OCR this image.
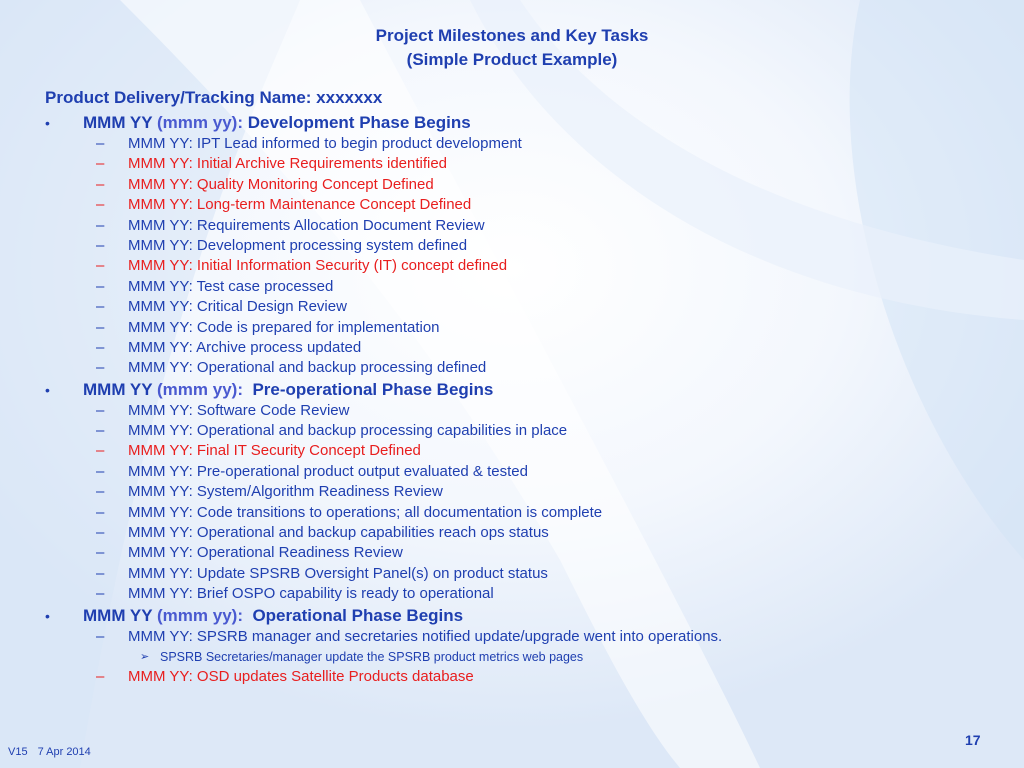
Project Milestones and Key Tasks
(Simple Product Example)
Product Delivery/Tracking Name: xxxxxxx
• MMM YY (mmm yy): Development Phase Begins
– MMM YY: IPT Lead informed to begin product development
– MMM YY: Initial Archive Requirements identified
– MMM YY: Quality Monitoring Concept Defined
– MMM YY: Long-term Maintenance Concept Defined
– MMM YY: Requirements Allocation Document Review
– MMM YY: Development processing system defined
– MMM YY: Initial Information Security (IT) concept defined
– MMM YY: Test case processed
– MMM YY: Critical Design Review
– MMM YY: Code is prepared for implementation
– MMM YY: Archive process updated
– MMM YY: Operational and backup processing defined
• MMM YY (mmm yy): Pre-operational Phase Begins
– MMM YY: Software Code Review
– MMM YY: Operational and backup processing capabilities in place
– MMM YY: Final IT Security Concept Defined
– MMM YY: Pre-operational product output evaluated & tested
– MMM YY: System/Algorithm Readiness Review
– MMM YY: Code transitions to operations; all documentation is complete
– MMM YY: Operational and backup capabilities reach ops status
– MMM YY: Operational Readiness Review
– MMM YY: Update SPSRB Oversight Panel(s) on product status
– MMM YY: Brief OSPO capability is ready to operational
• MMM YY (mmm yy): Operational Phase Begins
– MMM YY: SPSRB manager and secretaries notified update/upgrade went into operations.
➢ SPSRB Secretaries/manager update the SPSRB product metrics web pages
– MMM YY: OSD updates Satellite Products database
17
V15 7 Apr 2014
